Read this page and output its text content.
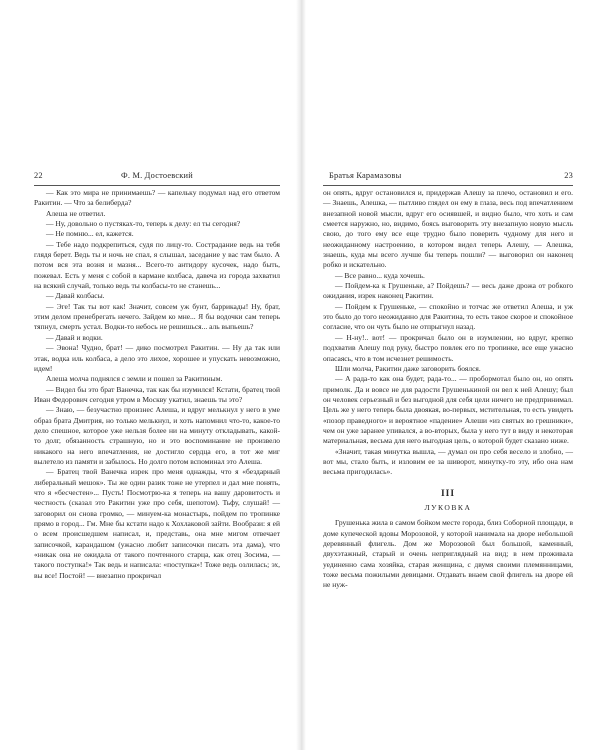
22	Ф. М. Достоевский

— Как это мира не принимаешь? — капельку подумал над его ответом Ракитин. — Что за белиберда?

Алеша не ответил.

— Ну, довольно о пустяках-то, теперь к делу: ел ты сегодня?

— Не помню... ел, кажется.

— Тебе надо подкрепиться, судя по лицу-то. Сострадание ведь на тебя глядя берет. Ведь ты и ночь не спал, я слышал, заседание у вас там было. А потом вся эта возня и мазня... Всего-то антидору кусочек, надо быть, пожевал. Есть у меня с собой в кармане колбаса, давеча из города захватил на всякий случай, только ведь ты колбасы-то не станешь...

— Давай колбасы.

— Эге! Так ты вот как! Значит, совсем уж бунт, баррикады! Ну, брат, этим делом пренебрегать нечего. Зайдем ко мне... Я бы водочки сам теперь тяпнул, смерть устал. Водки-то небось не решишься... аль выпьешь?

— Давай и водки.

— Эвона! Чудно, брат! — дико посмотрел Ракитин. — Ну да так или этак, водка иль колбаса, а дело это лихое, хорошее и упускать невозможно, идем!

Алеша молча поднялся с земли и пошел за Ракитиным.

— Видел бы это брат Ванечка, так как бы изумился! Кстати, братец твой Иван Федорович сегодня утром в Москву укатил, знаешь ты это?

— Знаю, — безучастно произнес Алеша, и вдруг мелькнул у него в уме образ брата Дмитрия, но только мелькнул, и хоть напомнил что-то, какое-то дело спешное, которое уже нельзя более ни на минуту откладывать, какой-то долг, обязанность страшную, но и это воспоминание не произвело никакого на него впечатления, не достигло сердца его, в тот же миг вылетело из памяти и забылось. Но долго потом вспоминал это Алеша.

— Братец твой Ванечка изрек про меня однажды, что я «бездарный либеральный мешок». Ты же один разик тоже не утерпел и дал мне понять, что я «бесчестен»... Пусть! Посмотрю-ка я теперь на вашу даровитость и честность (сказал это Ракитин уже про себя, шепотом). Тьфу, слушай! — заговорил он снова громко, — минуем-ка монастырь, пойдем по тропинке прямо в город... Гм. Мне бы кстати надо к Хохлаковой зайти. Вообрази: я ей о всем происшедшем написал, и, представь, она мне мигом отвечает записочкой, карандашом (ужасно любит записочки писать эта дама), что «никак она не ожидала от такого почтенного старца, как отец Зосима, — такого поступка!» Так ведь и написала: «поступка»! Тоже ведь озлилась; эх, вы все! Постой! — внезапно прокричал

Братья Карамазовы	23

он опять, вдруг остановился и, придержав Алешу за плечо, остановил и его. — Знаешь, Алешка, — пытливо глядел он ему в глаза, весь под впечатлением внезапной новой мысли, вдруг его осиявшей, и видно было, что хоть и сам смеется наружно, но, видимо, боясь выговорить эту внезапную новую мысль свою, до того ему все еще трудно было поверить чудному для него и неожиданному настроению, в котором видел теперь Алешу, — Алешка, знаешь, куда мы всего лучше бы теперь пошли? — выговорил он наконец робко и искательно.

— Все равно... куда хочешь.

— Пойдем-ка к Грушеньке, а? Пойдешь? — весь даже дрожа от робкого ожидания, изрек наконец Ракитин.

— Пойдем к Грушеньке, — спокойно и тотчас же ответил Алеша, и уж это было до того неожиданно для Ракитина, то есть такое скорое и спокойное согласие, что он чуть было не отпрыгнул назад.

— Н-ну!.. вот! — прокричал было он в изумлении, но вдруг, крепко подхватив Алешу под руку, быстро повлек его по тропинке, все еще ужасно опасаясь, что в том исчезнет решимость.

Шли молча, Ракитин даже заговорить боялся.

— А рада-то как она будет, рада-то... — пробормотал было он, но опять примолк. Да и вовсе не для радости Грушенькиной он вел к ней Алешу; был он человек серьезный и без выгодной для себя цели ничего не предпринимал. Цель же у него теперь была двоякая, во-первых, мстительная, то есть увидеть «позор праведного» и вероятное «падение» Алеши «из святых во грешники», чем он уже заранее упивался, а во-вторых, была у него тут в виду и некоторая материальная, весьма для него выгодная цель, о которой будет сказано ниже.

«Значит, такая минутка вышла, — думал он про себя весело и злобно, — вот мы, стало быть, и изловим ее за шиворот, минутку-то эту, ибо она нам весьма пригодилась».

III
ЛУКОВКА

Грушенька жила в самом бойком месте города, близ Соборной площади, в доме купеческой вдовы Морозовой, у которой нанимала на дворе небольшой деревянный флигель. Дом же Морозовой был большой, каменный, двухэтажный, старый и очень неприглядный на вид; в нем проживала уединенно сама хозяйка, старая женщина, с двумя своими племянницами, тоже весьма пожилыми девицами. Отдавать внаем свой флигель на дворе ей не нуж-
